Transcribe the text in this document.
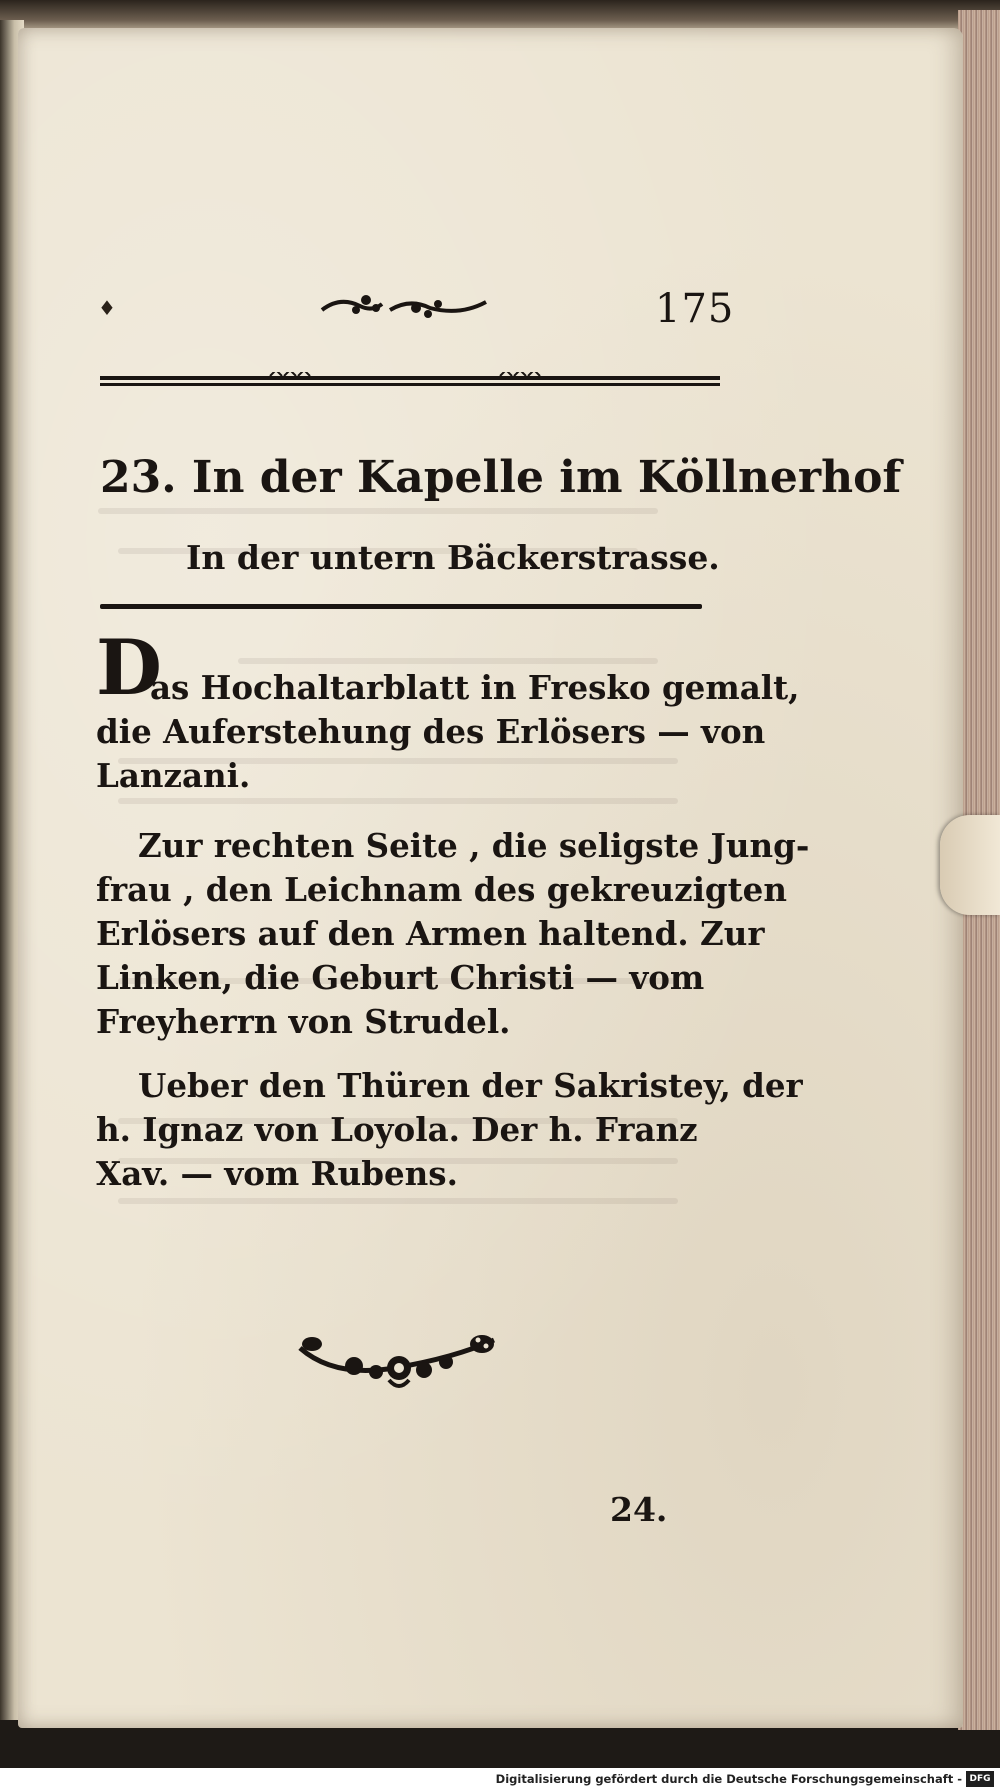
♦	175
23. In der Kapelle im Köllnerhof
In der untern Bäckerstrasse.
D
as Hochaltarblatt in Fresko gemalt,
die Auferstehung des Erlösers — von
Lanzani.
Zur rechten Seite , die seligste Jung-
frau , den Leichnam des gekreuzigten
Erlösers auf den Armen haltend. Zur
Linken, die Geburt Christi — vom
Freyherrn von Strudel.
Ueber den Thüren der Sakristey, der
h. Ignaz von Loyola. Der h. Franz
Xav. — vom Rubens.
24.
Digitalisierung gefördert durch die Deutsche Forschungsgemeinschaft - DFG
